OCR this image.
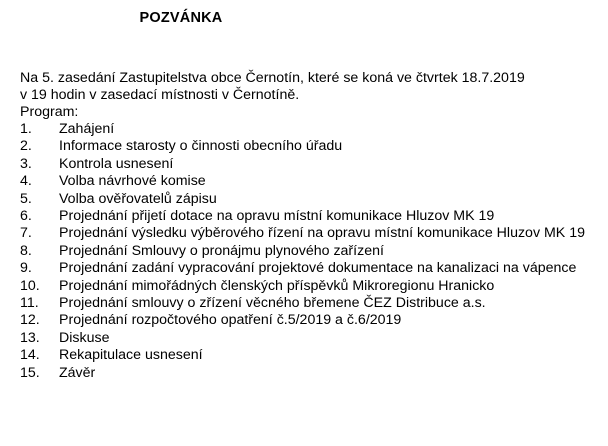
POZVÁNKA

Na 5. zasedání Zastupitelstva obce Černotín, které se koná ve čtvrtek 18.7.2019
v 19 hodin v zasedací místnosti v Černotíně.

Program:
1.	Zahájení
2.	Informace starosty o činnosti obecního úřadu
3.	Kontrola usnesení
4.	Volba návrhové komise
5.	Volba ověřovatelů zápisu
6.	Projednání přijetí dotace na opravu místní komunikace Hluzov MK 19
7.	Projednání výsledku výběrového řízení na opravu místní komunikace Hluzov MK 19
8.	Projednání Smlouvy o pronájmu plynového zařízení
9.	Projednání zadání vypracování projektové dokumentace na kanalizaci na vápence
10.	Projednání mimořádných členských příspěvků Mikroregionu Hranicko
11.	Projednání smlouvy o zřízení věcného břemene ČEZ Distribuce a.s.
12.	Projednání rozpočtového opatření č.5/2019 a č.6/2019
13.	Diskuse
14.	Rekapitulace usnesení
15.	Závěr
